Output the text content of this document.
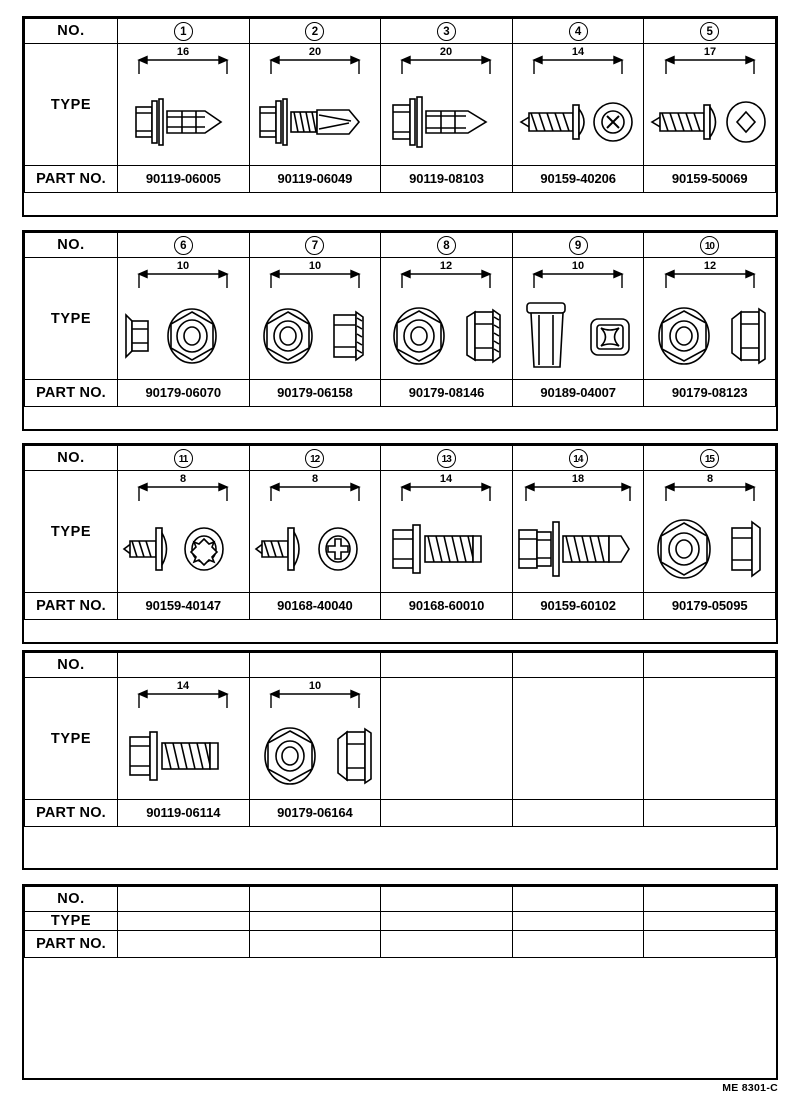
NO.	1	2	3	4	5
TYPE	16	20	20	14	17

PART NO.	90119-06005	90119-06049	90119-08103	90159-40206	90159-50069
NO.	6	7	8	9	10
TYPE	10	10	12	10	12

PART NO.	90179-06070	90179-06158	90179-08146	90189-04007	90179-08123
NO.	11	12	13	14	15
TYPE	8	8	14	18	8

PART NO.	90159-40147	90168-40040	90168-60010	90159-60102	90179-05095
NO.					
TYPE	14	10			

PART NO.	90119-06114	90179-06164			
NO.					
TYPE					
PART NO.					
ME 8301-C
